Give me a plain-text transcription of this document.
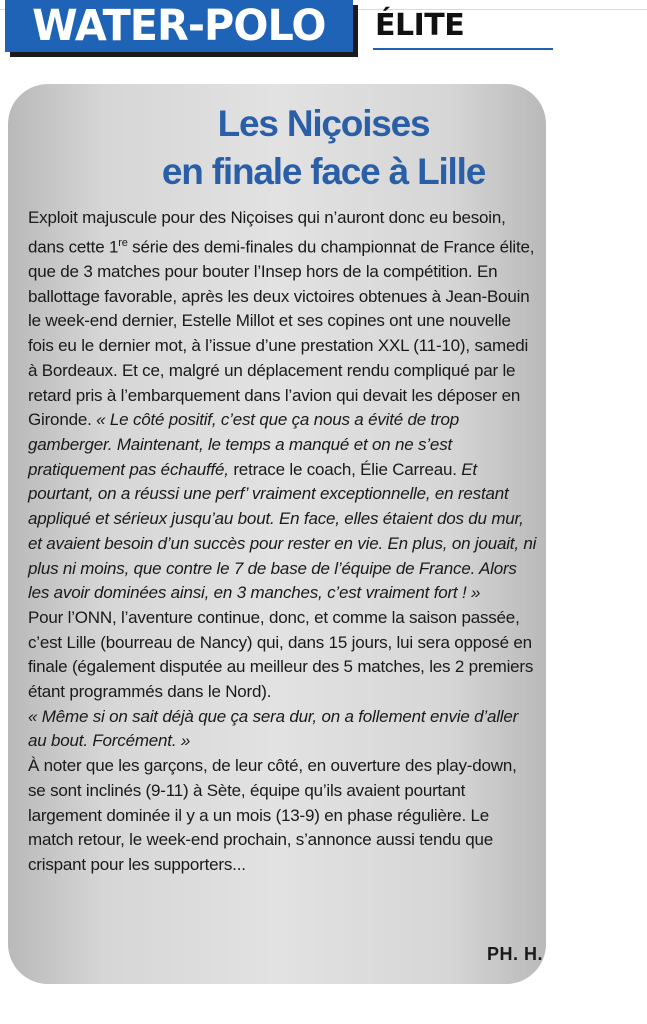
WATER-POLO ÉLITE
Les Niçoises
en finale face à Lille

Exploit majuscule pour des Niçoises qui n’auront donc eu besoin, dans cette 1re série des demi-finales du championnat de France élite, que de 3 matches pour bouter l’Insep hors de la compétition. En ballottage favorable, après les deux victoires obtenues à Jean-Bouin le week-end dernier, Estelle Millot et ses copines ont une nouvelle fois eu le dernier mot, à l’issue d’une prestation XXL (11-10), samedi à Bordeaux. Et ce, malgré un déplacement rendu compliqué par le retard pris à l’embarquement dans l’avion qui devait les déposer en Gironde. « Le côté positif, c’est que ça nous a évité de trop gamberger. Maintenant, le temps a manqué et on ne s’est pratiquement pas échauffé, retrace le coach, Élie Carreau. Et pourtant, on a réussi une perf’ vraiment exceptionnelle, en restant appliqué et sérieux jusqu’au bout. En face, elles étaient dos du mur, et avaient besoin d’un succès pour rester en vie. En plus, on jouait, ni plus ni moins, que contre le 7 de base de l’équipe de France. Alors les avoir dominées ainsi, en 3 manches, c’est vraiment fort ! »

Pour l’ONN, l’aventure continue, donc, et comme la saison passée, c’est Lille (bourreau de Nancy) qui, dans 15 jours, lui sera opposé en finale (également disputée au meilleur des 5 matches, les 2 premiers étant programmés dans le Nord).
« Même si on sait déjà que ça sera dur, on a follement envie d’aller au bout. Forcément. »

À noter que les garçons, de leur côté, en ouverture des play-down, se sont inclinés (9-11) à Sète, équipe qu’ils avaient pourtant largement dominée il y a un mois (13-9) en phase régulière. Le match retour, le week-end prochain, s’annonce aussi tendu que crispant pour les supporters...

PH. H.
